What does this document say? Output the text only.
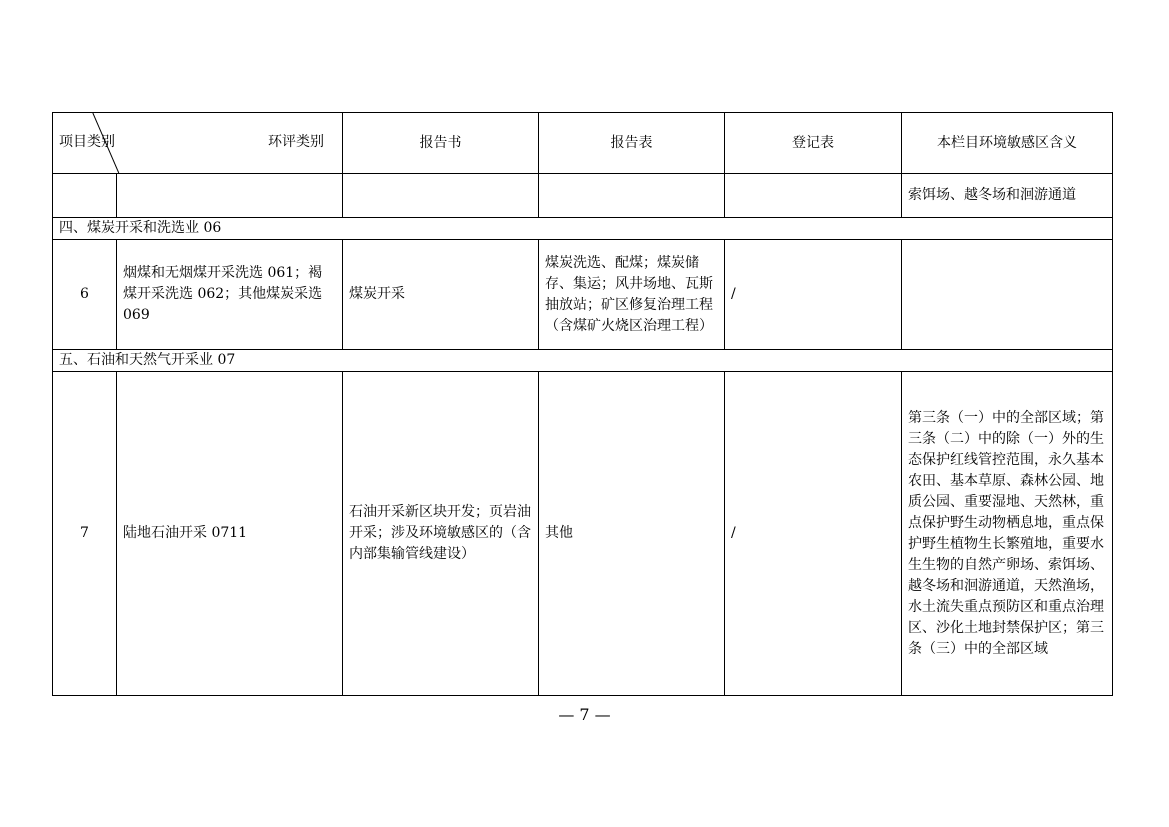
项目类别 环评类别		报告书	报告表	登记表	本栏目环境敏感区含义
					索饵场、越冬场和洄游通道
四、煤炭开采和洗选业 06					
6	烟煤和无烟煤开采洗选 061；褐煤开采洗选 062；其他煤炭采选 069	煤炭开采	煤炭洗选、配煤；煤炭储存、集运；风井场地、瓦斯抽放站；矿区修复治理工程（含煤矿火烧区治理工程）	/	
五、石油和天然气开采业 07					
7	陆地石油开采 0711	石油开采新区块开发；页岩油开采；涉及环境敏感区的（含内部集输管线建设）	其他	/	第三条（一）中的全部区域；第三条（二）中的除（一）外的生态保护红线管控范围，永久基本农田、基本草原、森林公园、地质公园、重要湿地、天然林，重点保护野生动物栖息地，重点保护野生植物生长繁殖地，重要水生生物的自然产卵场、索饵场、越冬场和洄游通道，天然渔场，水土流失重点预防区和重点治理区、沙化土地封禁保护区；第三条（三）中的全部区域
— 7 —
